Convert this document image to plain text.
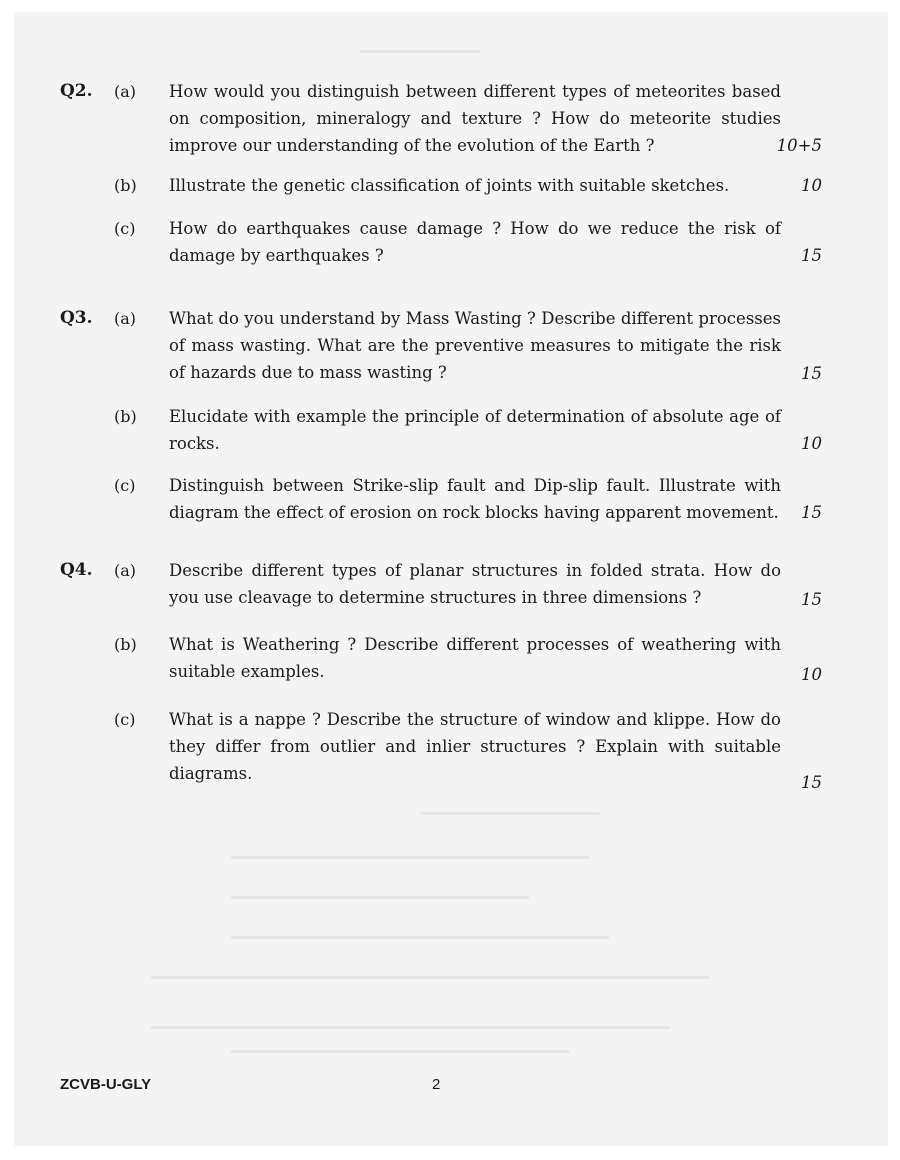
Q2. (a) How would you distinguish between different types of meteorites based on composition, mineralogy and texture ? How do meteorite studies improve our understanding of the evolution of the Earth ?	10+5
(b) Illustrate the genetic classification of joints with suitable sketches.	10
(c) How do earthquakes cause damage ? How do we reduce the risk of damage by earthquakes ?	15
Q3. (a) What do you understand by Mass Wasting ? Describe different processes of mass wasting. What are the preventive measures to mitigate the risk of hazards due to mass wasting ?	15
(b) Elucidate with example the principle of determination of absolute age of rocks.	10
(c) Distinguish between Strike-slip fault and Dip-slip fault. Illustrate with diagram the effect of erosion on rock blocks having apparent movement. 15
Q4. (a) Describe different types of planar structures in folded strata. How do you use cleavage to determine structures in three dimensions ?	15
(b) What is Weathering ? Describe different processes of weathering with suitable examples.	10
(c) What is a nappe ? Describe the structure of window and klippe. How do they differ from outlier and inlier structures ? Explain with suitable diagrams.	15
ZCVB-U-GLY	2
